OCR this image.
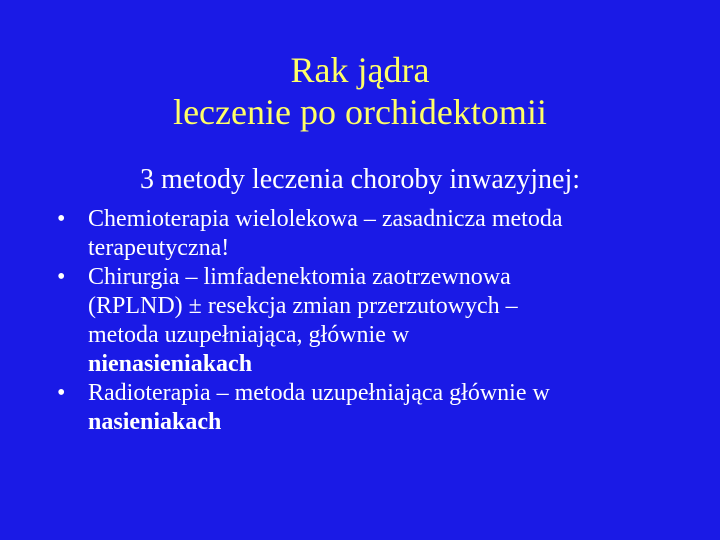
Rak jądra
leczenie po orchidektomii
3 metody leczenia choroby inwazyjnej:
• Chemioterapia wielolekowa – zasadnicza metoda
terapeutyczna!
• Chirurgia – limfadenektomia zaotrzewnowa
(RPLND) ± resekcja zmian przerzutowych –
metoda uzupełniająca, głównie w
nienasieniakach
• Radioterapia – metoda uzupełniająca głównie w
nasieniakach
